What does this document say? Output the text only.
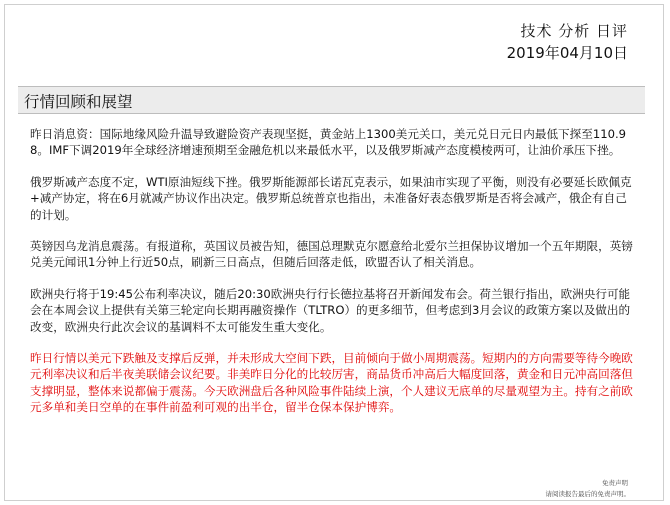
技术 分析 日评
2019年04月10日
行情回顾和展望

昨日消息资：国际地缘风险升温导致避险资产表现坚挺，黄金站上1300美元关口，美元兑日元日内最低下探至110.98。IMF下调2019年全球经济增速预期至金融危机以来最低水平，以及俄罗斯减产态度模棱两可，让油价承压下挫。

俄罗斯减产态度不定，WTI原油短线下挫。俄罗斯能源部长诺瓦克表示，如果油市实现了平衡，则没有必要延长欧佩克+减产协定，将在6月就减产协议作出决定。俄罗斯总统普京也指出，未准备好表态俄罗斯是否将会减产，俄企有自己的计划。

英镑因乌龙消息震荡。有报道称，英国议员被告知，德国总理默克尔愿意给北爱尔兰担保协议增加一个五年期限，英镑兑美元闻讯1分钟上行近50点，刷新三日高点，但随后回落走低，欧盟否认了相关消息。

欧洲央行将于19:45公布利率决议，随后20:30欧洲央行行长德拉基将召开新闻发布会。荷兰银行指出，欧洲央行可能会在本周会议上提供有关第三轮定向长期再融资操作（TLTRO）的更多细节，但考虑到3月会议的政策方案以及做出的改变，欧洲央行此次会议的基调料不太可能发生重大变化。

昨日行情以美元下跌触及支撑后反弹，并未形成大空间下跌，目前倾向于做小周期震荡。短期内的方向需要等待今晚欧元利率决议和后半夜美联储会议纪要。非美昨日分化的比较厉害，商品货币冲高后大幅度回落，黄金和日元冲高回落但支撑明显，整体来说都偏于震荡。今天欧洲盘后各种风险事件陆续上演，个人建议无底单的尽量观望为主。持有之前欧元多单和美日空单的在事件前盈利可观的出半仓，留半仓保本保护博弈。

免责声明
请阅读报告最后的免责声明。
